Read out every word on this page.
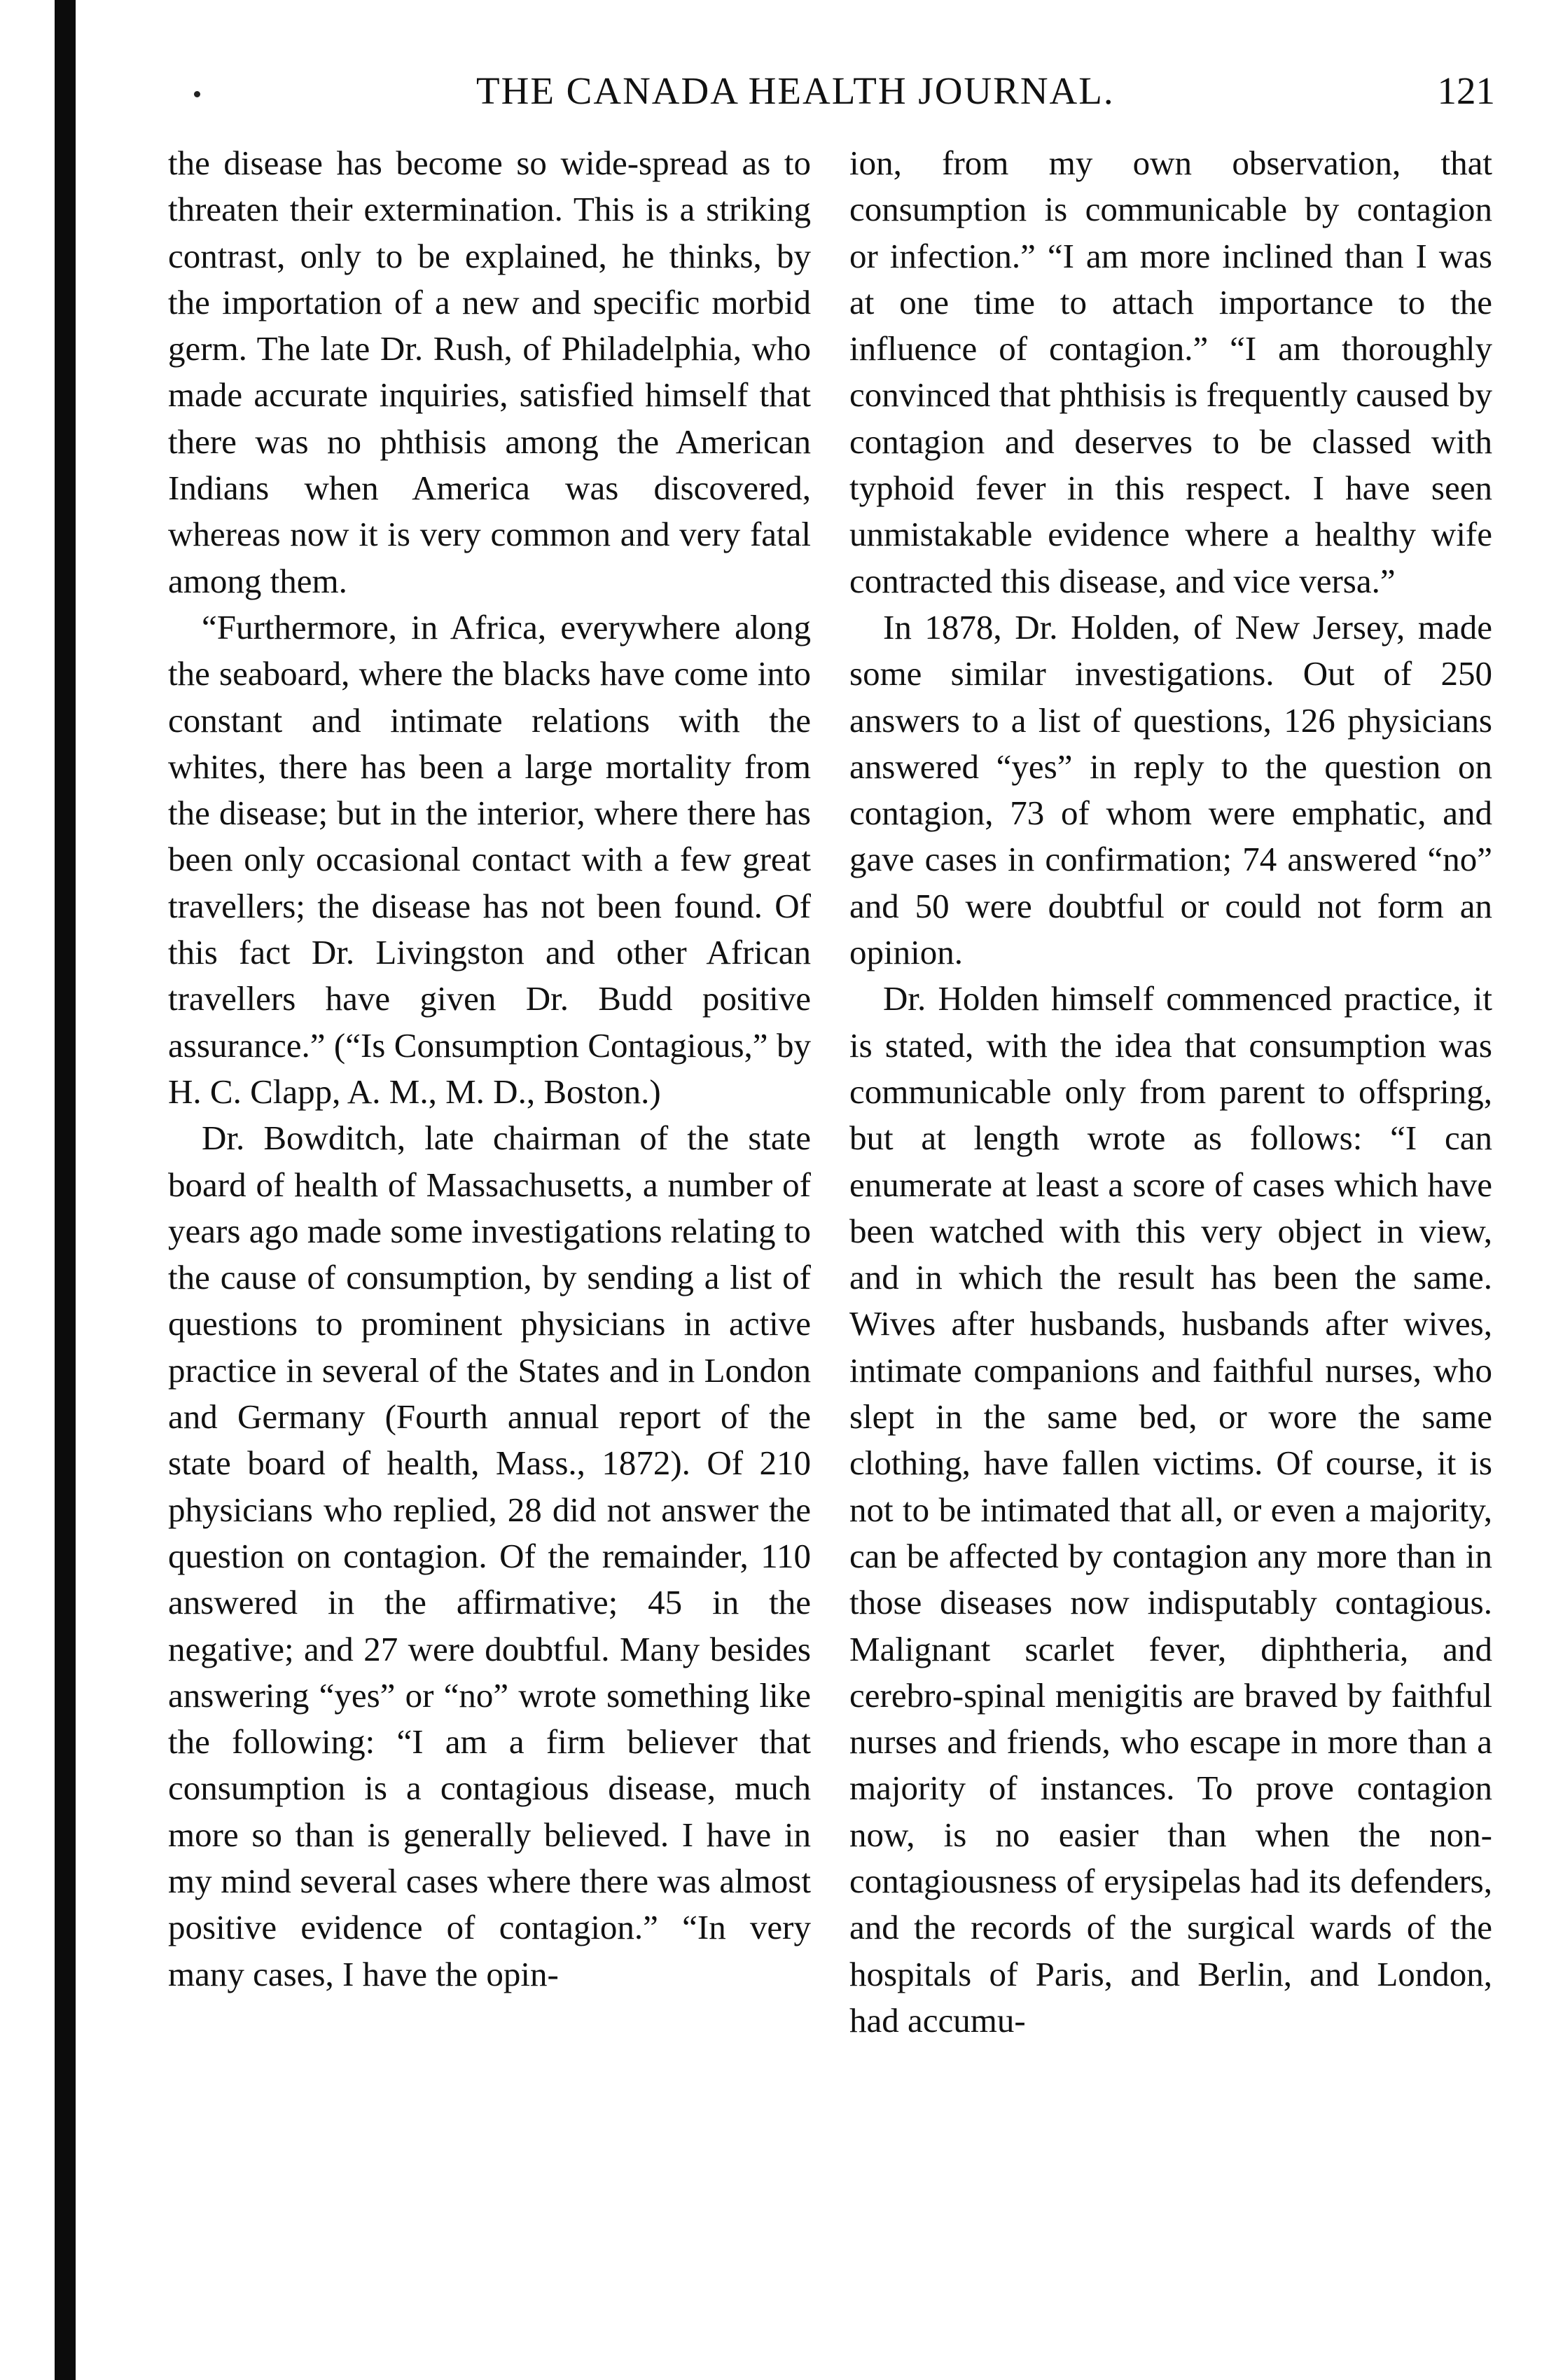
THE CANADA HEALTH JOURNAL.	121

the disease has become so wide-spread as to threaten their extermination. This is a striking contrast, only to be explained, he thinks, by the importation of a new and specific morbid germ. The late Dr. Rush, of Philadelphia, who made accurate inquiries, satisfied himself that there was no phthisis among the American Indians when America was discovered, whereas now it is very common and very fatal among them.

“Furthermore, in Africa, everywhere along the seaboard, where the blacks have come into constant and intimate relations with the whites, there has been a large mortality from the disease; but in the interior, where there has been only occasional contact with a few great travellers; the disease has not been found. Of this fact Dr. Livingston and other African travellers have given Dr. Budd positive assurance.” (“Is Consumption Contagious,” by H. C. Clapp, A. M., M. D., Boston.)

Dr. Bowditch, late chairman of the state board of health of Massachusetts, a number of years ago made some investigations relating to the cause of consumption, by sending a list of questions to prominent physicians in active practice in several of the States and in London and Germany (Fourth annual report of the state board of health, Mass., 1872). Of 210 physicians who replied, 28 did not answer the question on contagion. Of the remainder, 110 answered in the affirmative; 45 in the negative; and 27 were doubtful. Many besides answering “yes” or “no” wrote something like the following: “I am a firm believer that consumption is a contagious disease, much more so than is generally believed. I have in my mind several cases where there was almost positive evidence of contagion.” “In very many cases, I have the opin-

ion, from my own observation, that consumption is communicable by contagion or infection.” “I am more inclined than I was at one time to attach importance to the influence of contagion.” “I am thoroughly convinced that phthisis is frequently caused by contagion and deserves to be classed with typhoid fever in this respect. I have seen unmistakable evidence where a healthy wife contracted this disease, and vice versa.”

In 1878, Dr. Holden, of New Jersey, made some similar investigations. Out of 250 answers to a list of questions, 126 physicians answered “yes” in reply to the question on contagion, 73 of whom were emphatic, and gave cases in confirmation; 74 answered “no” and 50 were doubtful or could not form an opinion.

Dr. Holden himself commenced practice, it is stated, with the idea that consumption was communicable only from parent to offspring, but at length wrote as follows: “I can enumerate at least a score of cases which have been watched with this very object in view, and in which the result has been the same. Wives after husbands, husbands after wives, intimate companions and faithful nurses, who slept in the same bed, or wore the same clothing, have fallen victims. Of course, it is not to be intimated that all, or even a majority, can be affected by contagion any more than in those diseases now indisputably contagious. Malignant scarlet fever, diphtheria, and cerebro-spinal menigitis are braved by faithful nurses and friends, who escape in more than a majority of instances. To prove contagion now, is no easier than when the non-contagiousness of erysipelas had its defenders, and the records of the surgical wards of the hospitals of Paris, and Berlin, and London, had accumu-
